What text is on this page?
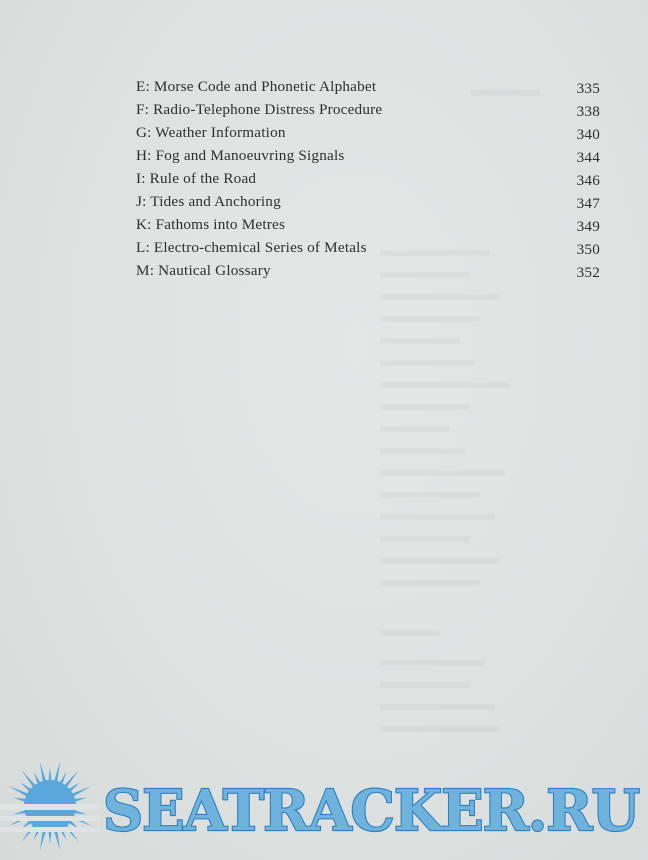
E: Morse Code and Phonetic Alphabet	335
F: Radio-Telephone Distress Procedure	338
G: Weather Information	340
H: Fog and Manoeuvring Signals	344
I: Rule of the Road	346
J: Tides and Anchoring	347
K: Fathoms into Metres	349
L: Electro-chemical Series of Metals	350
M: Nautical Glossary	352
SEATRACKER.RU
